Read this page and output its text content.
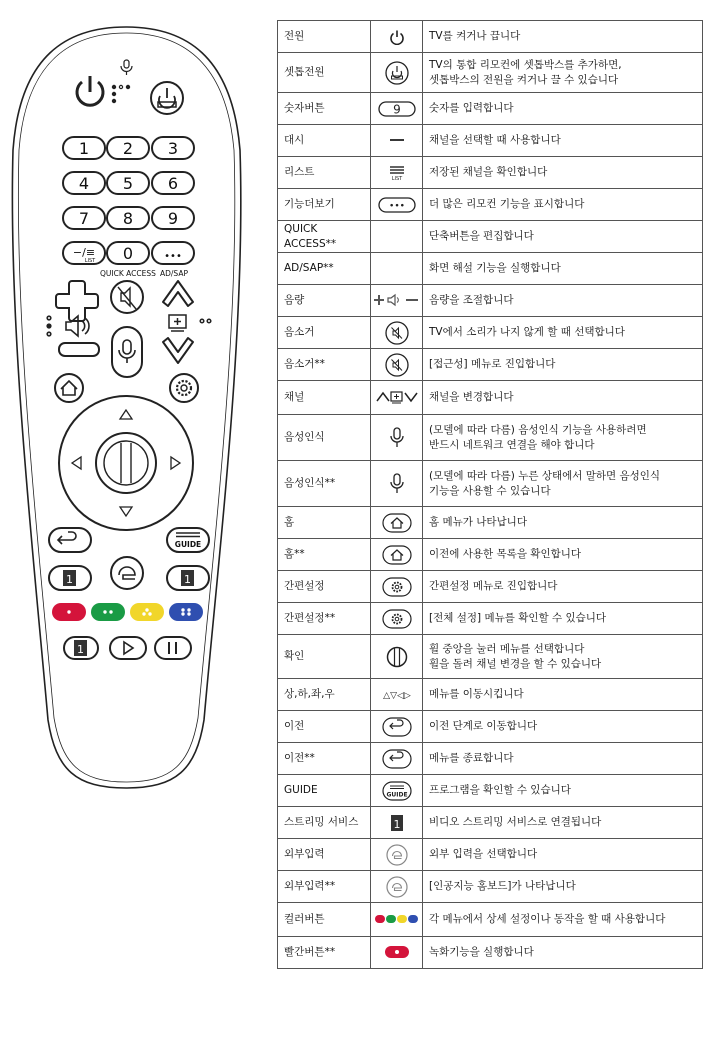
1 2 3
4 5 6
7 8 9
−/≡
LIST 0	•••
QUICK ACCESS AD/SAP
GUIDE
1	1
1
전원		TV를 켜거나 끕니다

셋톱전원		TV의 통합 리모컨에 셋톱박스를 추가하면,
셋톱박스의 전원을 켜거나 끌 수 있습니다

숫자버튼	9	숫자를 입력합니다

대시		채널을 선택할 때 사용합니다

리스트	LIST	저장된 채널을 확인합니다

기능더보기	•••	더 많은 리모컨 기능을 표시합니다

QUICK ACCESS**		단축버튼을 편집합니다

AD/SAP**		화면 해설 기능을 실행합니다

음량		음량을 조절합니다

음소거		TV에서 소리가 나지 않게 할 때 선택합니다

음소거**		[접근성] 메뉴로 진입합니다

채널		채널을 변경합니다

음성인식		(모델에 따라 다름) 음성인식 기능을 사용하려면
반드시 네트워크 연결을 해야 합니다

음성인식**		(모델에 따라 다름) 누른 상태에서 말하면 음성인식
기능을 사용할 수 있습니다

홈		홈 메뉴가 나타납니다

홈**		이전에 사용한 목록을 확인합니다

간편설정		간편설정 메뉴로 진입합니다

간편설정**		[전체 설정] 메뉴를 확인할 수 있습니다

확인		휠 중앙을 눌러 메뉴를 선택합니다
휠을 돌려 채널 변경을 할 수 있습니다

상,하,좌,우	△▽◁▷	메뉴를 이동시킵니다

이전		이전 단계로 이동합니다

이전**		메뉴를 종료합니다

GUIDE	GUIDE	프로그램을 확인할 수 있습니다

스트리밍 서비스	1	비디오 스트리밍 서비스로 연결됩니다

외부입력		외부 입력을 선택합니다

외부입력**		[인공지능 홈보드]가 나타납니다

컬러버튼		각 메뉴에서 상세 설정이나 동작을 할 때 사용합니다

빨간버튼**		녹화기능을 실행합니다
